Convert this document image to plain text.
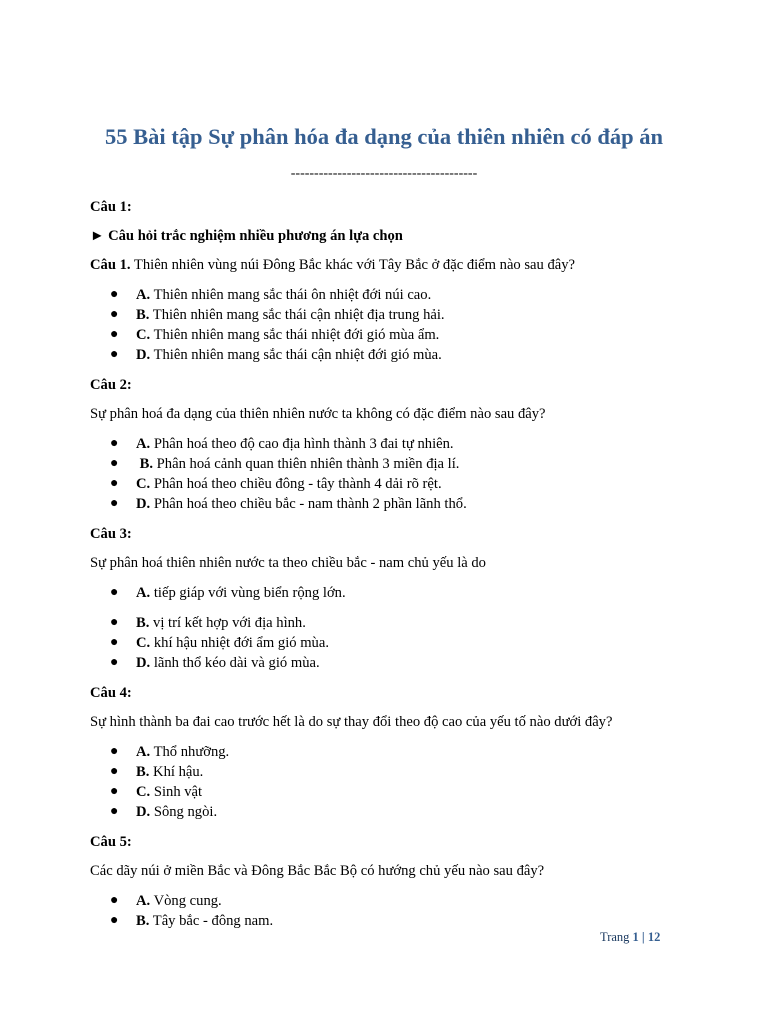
55 Bài tập Sự phân hóa đa dạng của thiên nhiên có đáp án
----------------------------------------
Câu 1:
► Câu hỏi trắc nghiệm nhiều phương án lựa chọn
Câu 1. Thiên nhiên vùng núi Đông Bắc khác với Tây Bắc ở đặc điểm nào sau đây?
● A. Thiên nhiên mang sắc thái ôn nhiệt đới núi cao.
● B. Thiên nhiên mang sắc thái cận nhiệt địa trung hải.
● C. Thiên nhiên mang sắc thái nhiệt đới gió mùa ẩm.
● D. Thiên nhiên mang sắc thái cận nhiệt đới gió mùa.
Câu 2:
Sự phân hoá đa dạng của thiên nhiên nước ta không có đặc điểm nào sau đây?
● A. Phân hoá theo độ cao địa hình thành 3 đai tự nhiên.
● B. Phân hoá cảnh quan thiên nhiên thành 3 miền địa lí.
● C. Phân hoá theo chiều đông - tây thành 4 dải rõ rệt.
● D. Phân hoá theo chiều bắc - nam thành 2 phần lãnh thổ.
Câu 3:
Sự phân hoá thiên nhiên nước ta theo chiều bắc - nam chủ yếu là do
● A. tiếp giáp với vùng biển rộng lớn.
● B. vị trí kết hợp với địa hình.
● C. khí hậu nhiệt đới ẩm gió mùa.
● D. lãnh thổ kéo dài và gió mùa.
Câu 4:
Sự hình thành ba đai cao trước hết là do sự thay đổi theo độ cao của yếu tố nào dưới đây?
● A. Thổ nhưỡng.
● B. Khí hậu.
● C. Sinh vật
● D. Sông ngòi.
Câu 5:
Các dãy núi ở miền Bắc và Đông Bắc Bắc Bộ có hướng chủ yếu nào sau đây?
● A. Vòng cung.
● B. Tây bắc - đông nam.
Trang 1 | 12
